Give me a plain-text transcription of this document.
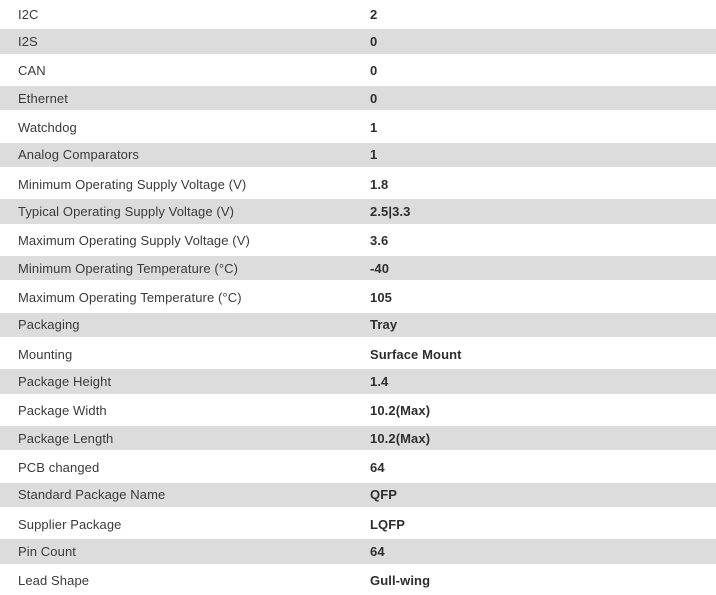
I2C	2
I2S	0
CAN	0
Ethernet	0
Watchdog	1
Analog Comparators	1
Minimum Operating Supply Voltage (V)	1.8
Typical Operating Supply Voltage (V)	2.5|3.3
Maximum Operating Supply Voltage (V)	3.6
Minimum Operating Temperature (°C)	-40
Maximum Operating Temperature (°C)	105
Packaging	Tray
Mounting	Surface Mount
Package Height	1.4
Package Width	10.2(Max)
Package Length	10.2(Max)
PCB changed	64
Standard Package Name	QFP
Supplier Package	LQFP
Pin Count	64
Lead Shape	Gull-wing
